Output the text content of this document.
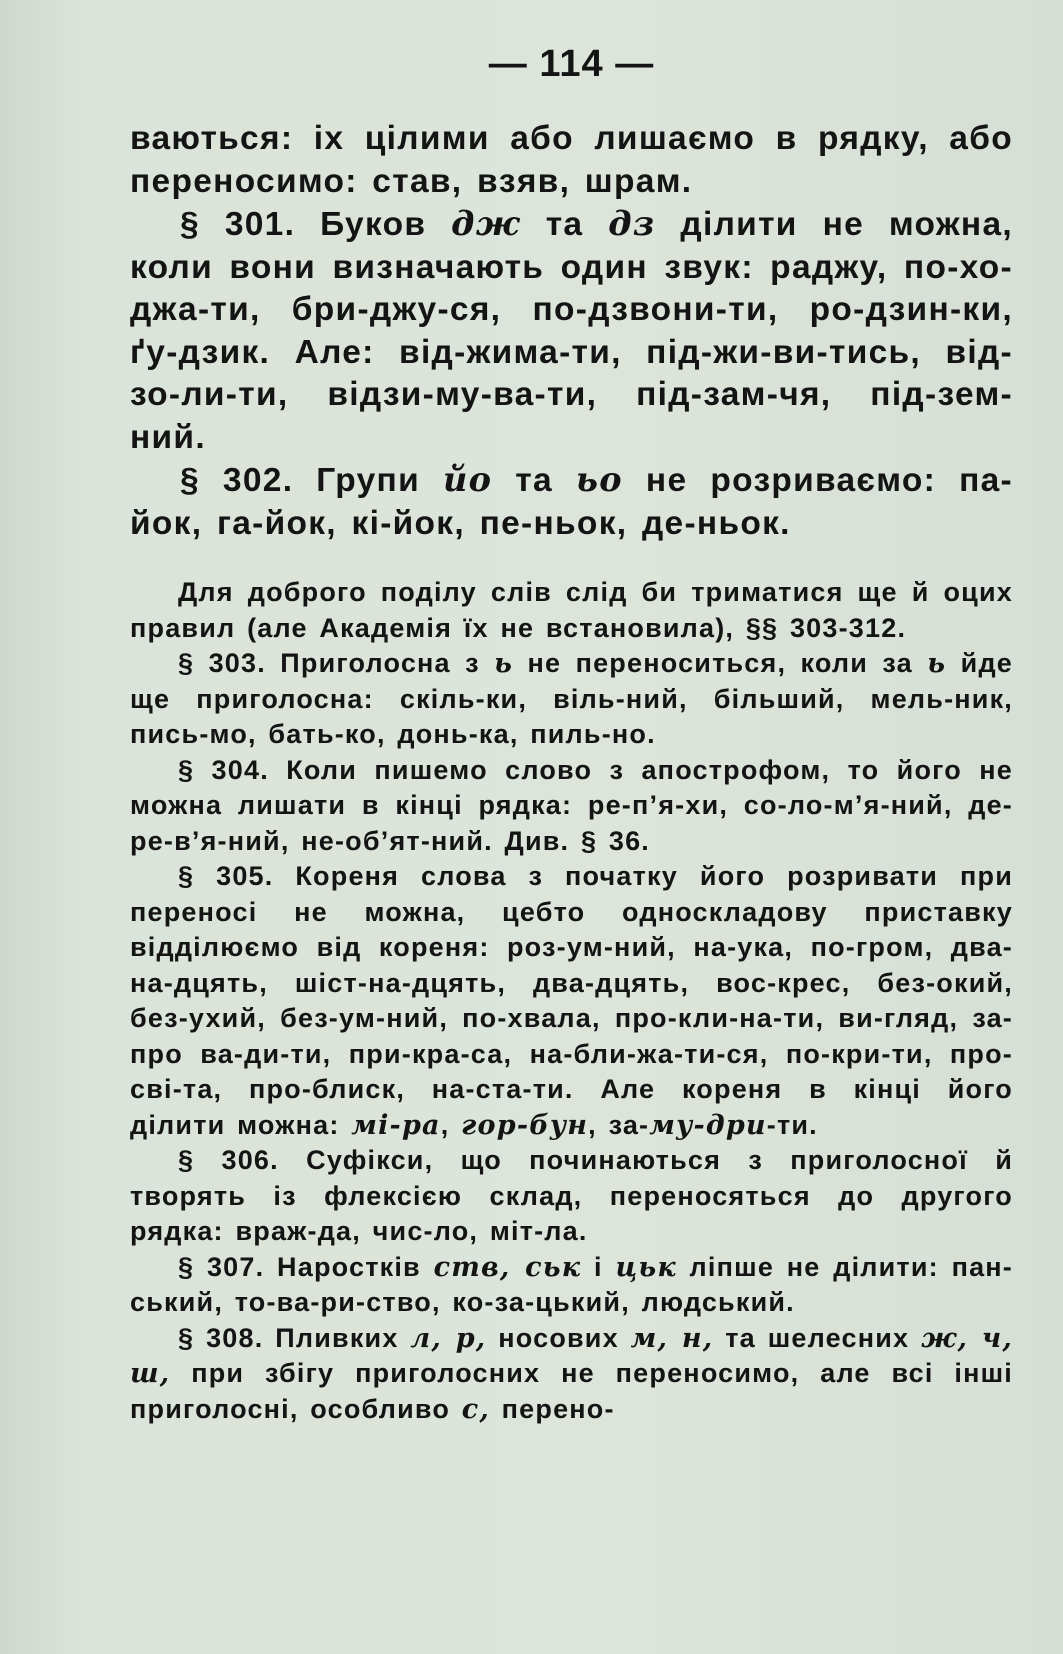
— 114 —

ваються: іх цілими або лишаємо в рядку, або переносимо: став, взяв, шрам.

§ 301. Буков дж та дз ділити не можна, коли вони визначають один звук: раджу, по-хо-джа-ти, бри-джу-ся, по-дзвони-ти, ро-дзин-ки, ґу-дзик. Але: від-жима-ти, під-жи-ви-тись, від-зо-ли-ти, відзи-му-ва-ти, під-зам-чя, під-зем-ний.

§ 302. Групи йо та ьо не розриваємо: па-йок, га-йок, кі-йок, пе-ньок, де-ньок.

Для доброго поділу слів слід би триматися ще й оцих правил (але Академія їх не встановила), §§ 303-312.

§ 303. Приголосна з ь не переноситься, коли за ь йде ще приголосна: скіль-ки, віль-ний, більший, мель-ник, пись-мо, бать-ко, донь-ка, пиль-но.

§ 304. Коли пишемо слово з апострофом, то його не можна лишати в кінці рядка: ре-п’я-хи, со-ло-м’я-ний, де-ре-в’я-ний, не-об’ят-ний. Див. § 36.

§ 305. Кореня слова з початку його розривати при переносі не можна, цебто односкладову приставку відділюємо від кореня: роз-ум-ний, на-ука, по-гром, два-на-дцять, шіст-на-дцять, два-дцять, вос-крес, без-окий, без-ухий, без-ум-ний, по-хвала, про-кли-на-ти, ви-гляд, за-про ва-ди-ти, при-кра-са, на-бли-жа-ти-ся, по-кри-ти, про-сві-та, про-блиск, на-ста-ти. Але кореня в кінці його ділити можна: мі-ра, гор-бун, за-му-дри-ти.

§ 306. Суфікси, що починаються з приголосної й творять із флексією склад, переносяться до другого рядка: враж-да, чис-ло, міт-ла.

§ 307. Наростків ств, ськ і цьк ліпше не ділити: пан-ський, то-ва-ри-ство, ко-за-цький, людський.

§ 308. Пливких л, р, носових м, н, та шелесних ж, ч, ш, при збігу приголосних не переносимо, але всі інші приголосні, особливо с, перено-
